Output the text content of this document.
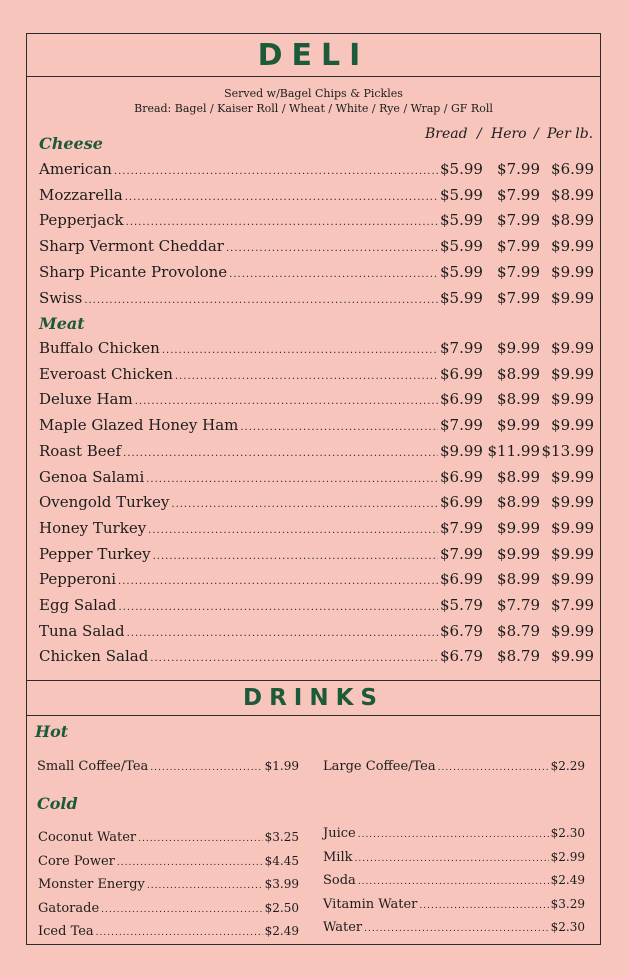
DELI
Served w/Bagel Chips & Pickles
Bread: Bagel / Kaiser Roll / Wheat / White / Rye / Wrap / GF Roll
Bread / Hero / Per lb.
Cheese
American .....	$5.99 $7.99 $6.99
Mozzarella .....	$5.99 $7.99 $8.99
Pepperjack .....	$5.99 $7.99 $8.99
Sharp Vermont Cheddar .....	$5.99 $7.99 $9.99
Sharp Picante Provolone .....	$5.99 $7.99 $9.99
Swiss .....	$5.99 $7.99 $9.99
Meat
Buffalo Chicken .....	$7.99 $9.99 $9.99
Everoast Chicken .....	$6.99 $8.99 $9.99
Deluxe Ham .....	$6.99 $8.99 $9.99
Maple Glazed Honey Ham .....	$7.99 $9.99 $9.99
Roast Beef .....	$9.99 $11.99 $13.99
Genoa Salami .....	$6.99 $8.99 $9.99
Ovengold Turkey .....	$6.99 $8.99 $9.99
Honey Turkey .....	$7.99 $9.99 $9.99
Pepper Turkey .....	$7.99 $9.99 $9.99
Pepperoni .....	$6.99 $8.99 $9.99
Egg Salad .....	$5.79 $7.79 $7.99
Tuna Salad .....	$6.79 $8.79 $9.99
Chicken Salad .....	$6.79 $8.79 $9.99
DRINKS
Hot
Small Coffee/Tea .....	$1.99 Large Coffee/Tea .....	$2.29
Cold
Coconut Water .....	$3.25
Core Power .....	$4.45
Monster Energy .....	$3.99
Gatorade .....	$2.50
Iced Tea .....	$2.49
Juice .....	$2.30
Milk .....	$2.99
Soda .....	$2.49
Vitamin Water .....	$3.29
Water .....	$2.30
